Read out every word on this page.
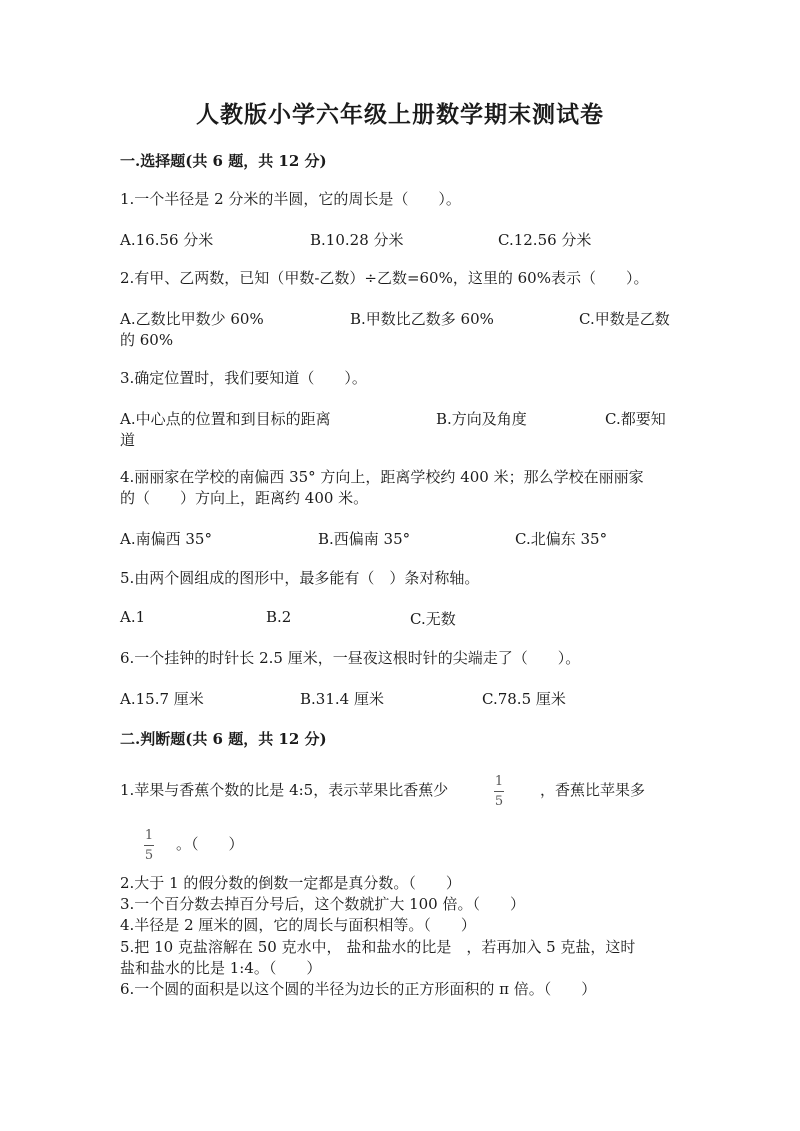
人教版小学六年级上册数学期末测试卷
一.选择题(共 6 题，共 12 分)
1.一个半径是 2 分米的半圆，它的周长是（　　）。
A.16.56 分米	B.10.28 分米	C.12.56 分米
2.有甲、乙两数，已知（甲数-乙数）÷乙数=60%，这里的 60%表示（　　）。
A.乙数比甲数少 60%	B.甲数比乙数多 60%	C.甲数是乙数
的 60%
3.确定位置时，我们要知道（　　）。
A.中心点的位置和到目标的距离	B.方向及角度	C.都要知
道
4.丽丽家在学校的南偏西 35° 方向上，距离学校约 400 米；那么学校在丽丽家
的（　　）方向上，距离约 400 米。
A.南偏西 35°	B.西偏南 35°	C.北偏东 35°
5.由两个圆组成的图形中，最多能有（　）条对称轴。
A.1	B.2	C.无数
6.一个挂钟的时针长 2.5 厘米，一昼夜这根时针的尖端走了（　　）。
A.15.7 厘米	B.31.4 厘米	C.78.5 厘米
二.判断题(共 6 题，共 12 分)
1.苹果与香蕉个数的比是 4:5，表示苹果比香蕉少	1
5
，香蕉比苹果多
1
5
。（　　）
2.大于 1 的假分数的倒数一定都是真分数。（　　）
3.一个百分数去掉百分号后，这个数就扩大 100 倍。（　　）
4.半径是 2 厘米的圆，它的周长与面积相等。（　　）
5.把 10 克盐溶解在 50 克水中， 盐和盐水的比是　，若再加入 5 克盐，这时
盐和盐水的比是 1:4。（　　）
6.一个圆的面积是以这个圆的半径为边长的正方形面积的 π 倍。（　　）
